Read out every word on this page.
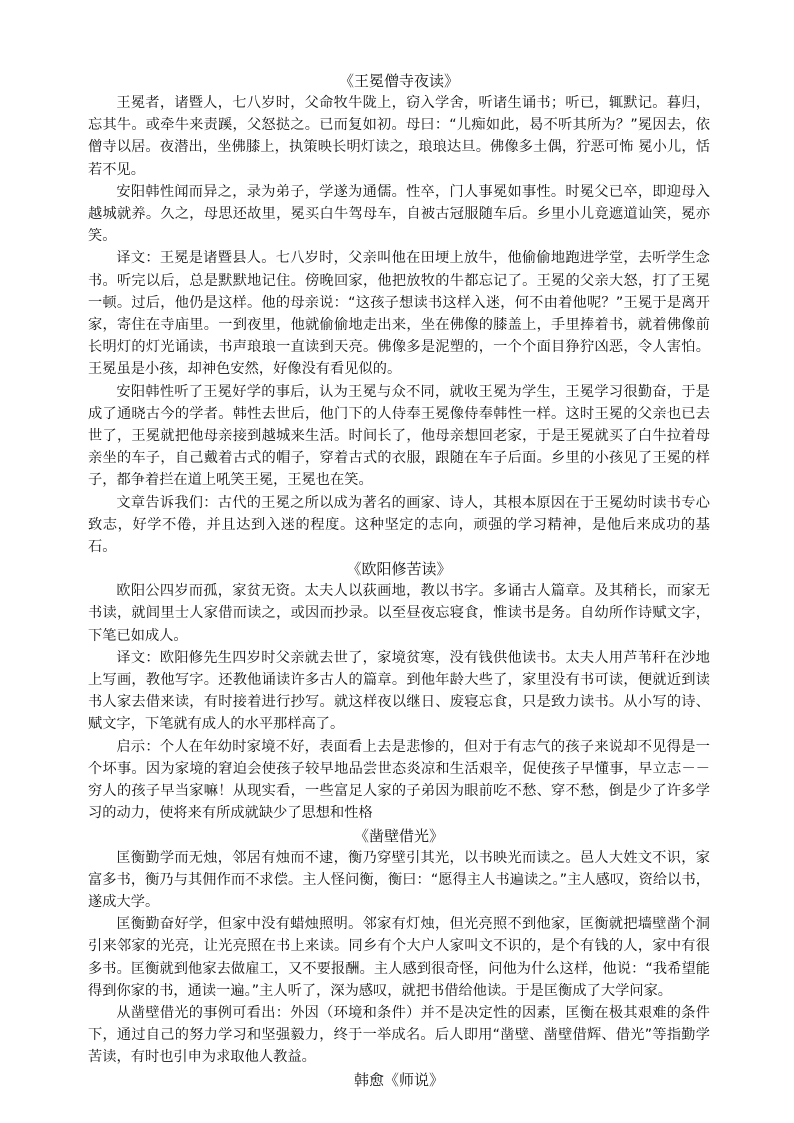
《王冕僧寺夜读》

王冕者，诸暨人，七八岁时，父命牧牛陇上，窃入学舍，听诸生诵书；听已，辄默记。暮归，忘其牛。或牵牛来责蹊，父怒挞之。已而复如初。母曰：“儿痴如此，曷不听其所为？”冕因去，依僧寺以居。夜潜出，坐佛膝上，执策映长明灯读之，琅琅达旦。佛像多土偶，狞恶可怖 冕小儿，恬若不见。

安阳韩性闻而异之，录为弟子，学遂为通儒。性卒，门人事冕如事性。时冕父已卒，即迎母入越城就养。久之，母思还故里，冕买白牛驾母车，自被古冠服随车后。乡里小儿竟遮道讪笑，冕亦笑。

译文：王冕是诸暨县人。七八岁时，父亲叫他在田埂上放牛，他偷偷地跑进学堂，去听学生念书。听完以后，总是默默地记住。傍晚回家，他把放牧的牛都忘记了。王冕的父亲大怒，打了王冕一顿。过后，他仍是这样。他的母亲说：“这孩子想读书这样入迷，何不由着他呢？”王冕于是离开家，寄住在寺庙里。一到夜里，他就偷偷地走出来，坐在佛像的膝盖上，手里捧着书，就着佛像前长明灯的灯光诵读，书声琅琅一直读到天亮。佛像多是泥塑的，一个个面目狰狞凶恶，令人害怕。王冕虽是小孩，却神色安然，好像没有看见似的。

安阳韩性听了王冕好学的事后，认为王冕与众不同，就收王冕为学生，王冕学习很勤奋，于是成了通晓古今的学者。韩性去世后，他门下的人侍奉王冕像侍奉韩性一样。这时王冕的父亲也已去世了，王冕就把他母亲接到越城来生活。时间长了，他母亲想回老家，于是王冕就买了白牛拉着母亲坐的车子，自己戴着古式的帽子，穿着古式的衣服，跟随在车子后面。乡里的小孩见了王冕的样子，都争着拦在道上吼笑王冕，王冕也在笑。

文章告诉我们：古代的王冕之所以成为著名的画家、诗人，其根本原因在于王冕幼时读书专心致志，好学不倦，并且达到入迷的程度。这种坚定的志向，顽强的学习精神，是他后来成功的基石。

《欧阳修苦读》

欧阳公四岁而孤，家贫无资。太夫人以荻画地，教以书字。多诵古人篇章。及其稍长，而家无书读，就闾里士人家借而读之，或因而抄录。以至昼夜忘寝食，惟读书是务。自幼所作诗赋文字，下笔已如成人。

译文：欧阳修先生四岁时父亲就去世了，家境贫寒，没有钱供他读书。太夫人用芦苇秆在沙地上写画，教他写字。还教他诵读许多古人的篇章。到他年龄大些了，家里没有书可读，便就近到读书人家去借来读，有时接着进行抄写。就这样夜以继日、废寝忘食，只是致力读书。从小写的诗、赋文字，下笔就有成人的水平那样高了。

启示：个人在年幼时家境不好，表面看上去是悲惨的，但对于有志气的孩子来说却不见得是一个坏事。因为家境的窘迫会使孩子较早地品尝世态炎凉和生活艰辛，促使孩子早懂事，早立志－－穷人的孩子早当家嘛！从现实看，一些富足人家的子弟因为眼前吃不愁、穿不愁，倒是少了许多学习的动力，使将来有所成就缺少了思想和性格

《凿壁借光》

匡衡勤学而无烛，邻居有烛而不逮，衡乃穿壁引其光，以书映光而读之。邑人大姓文不识，家富多书，衡乃与其佣作而不求偿。主人怪问衡，衡曰：“愿得主人书遍读之。”主人感叹，资给以书，遂成大学。

匡衡勤奋好学，但家中没有蜡烛照明。邻家有灯烛，但光亮照不到他家，匡衡就把墙壁凿个洞引来邻家的光亮，让光亮照在书上来读。同乡有个大户人家叫文不识的，是个有钱的人，家中有很多书。匡衡就到他家去做雇工，又不要报酬。主人感到很奇怪，问他为什么这样，他说：“我希望能得到你家的书，通读一遍。”主人听了，深为感叹，就把书借给他读。于是匡衡成了大学问家。

从凿壁借光的事例可看出：外因（环境和条件）并不是决定性的因素，匡衡在极其艰难的条件下，通过自己的努力学习和坚强毅力，终于一举成名。后人即用“凿壁、凿壁借辉、借光”等指勤学苦读，有时也引申为求取他人教益。

韩愈《师说》
